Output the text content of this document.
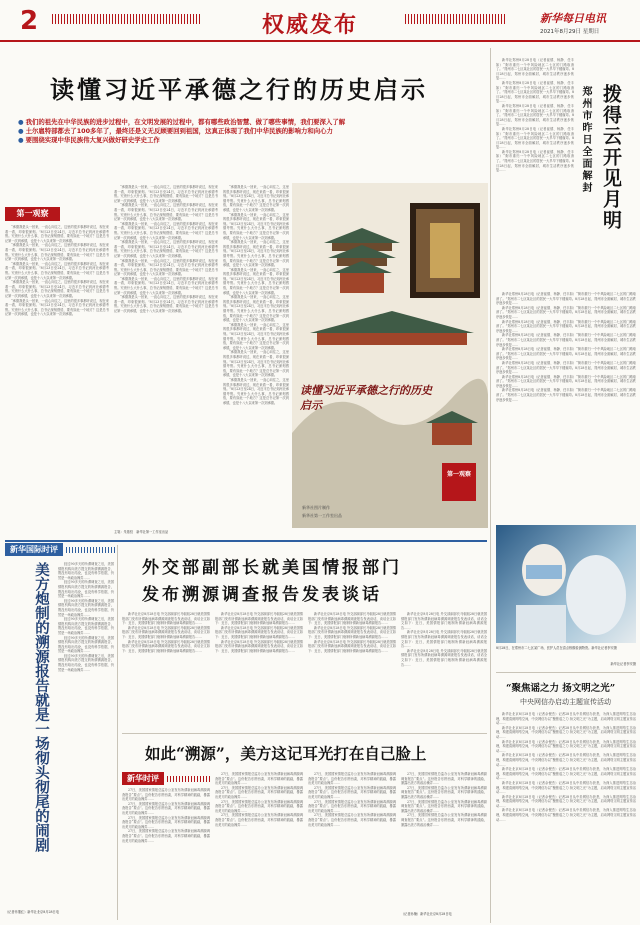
2	权威发布	新华每日电讯
2021年8月29日 星期日
读懂习近平承德之行的历史启示
● 我们的祖先在中华民族的进步过程中，在文明发展的过程中，都有哪些政治智慧、做了哪些事情，我们要深入了解
● 土尔扈特部都去了100多年了，最终还是义无反顾要回到祖国，这真正体现了我们中华民族的影响力和向心力
● 要围绕实现中华民族伟大复兴做好研史学史工作
第一观察

“承德我是头一回来，一直心向往之，这里的很多事都听说过，现在来看一看，印象很深刻。”8月23日至24日，习近平总书记到河北承德考察。究竟什么大什么事，总书记深刻感悟，要有如此一个地方？这是总书记第一次到承德，也是十八大以来第一次到承德。

“承德我是头一回来，一直心向往之，这里的很多事都听说过，现在来看一看，印象很深刻。”8月23日至24日，习近平总书记到河北承德考察。究竟什么大什么事，总书记深刻感悟，要有如此一个地方？这是总书记第一次到承德，也是十八大以来第一次到承德。

“承德我是头一回来，一直心向往之，这里的很多事都听说过，现在来看一看，印象很深刻。”8月23日至24日，习近平总书记到河北承德考察。究竟什么大什么事，总书记深刻感悟，要有如此一个地方？这是总书记第一次到承德，也是十八大以来第一次到承德。

“承德我是头一回来，一直心向往之，这里的很多事都听说过，现在来看一看，印象很深刻。”8月23日至24日，习近平总书记到河北承德考察。究竟什么大什么事，总书记深刻感悟，要有如此一个地方？这是总书记第一次到承德，也是十八大以来第一次到承德。

“承德我是头一回来，一直心向往之，这里的很多事都听说过，现在来看一看，印象很深刻。”8月23日至24日，习近平总书记到河北承德考察。究竟什么大什么事，总书记深刻感悟，要有如此一个地方？这是总书记第一次到承德，也是十八大以来第一次到承德。

“承德我是头一回来，一直心向往之，这里的很多事都听说过，现在来看一看，印象很深刻。”8月23日至24日，习近平总书记到河北承德考察。究竟什么大什么事，总书记深刻感悟，要有如此一个地方？这是总书记第一次到承德，也是十八大以来第一次到承德。

“承德我是头一回来，一直心向往之，这里的很多事都听说过，现在来看一看，印象很深刻。”8月23日至24日，习近平总书记到河北承德考察。究竟什么大什么事，总书记深刻感悟，要有如此一个地方？这是总书记第一次到承德，也是十八大以来第一次到承德。

“承德我是头一回来，一直心向往之，这里的很多事都听说过，现在来看一看，印象很深刻。”8月23日至24日，习近平总书记到河北承德考察。究竟什么大什么事，总书记深刻感悟，要有如此一个地方？这是总书记第一次到承德，也是十八大以来第一次到承德。

“承德我是头一回来，一直心向往之，这里的很多事都听说过，现在来看一看，印象很深刻。”8月23日至24日，习近平总书记到河北承德考察。究竟什么大什么事，总书记深刻感悟，要有如此一个地方？这是总书记第一次到承德，也是十八大以来第一次到承德。

“承德我是头一回来，一直心向往之，这里的很多事都听说过，现在来看一看，印象很深刻。”8月23日至24日，习近平总书记到河北承德考察。究竟什么大什么事，总书记深刻感悟，要有如此一个地方？这是总书记第一次到承德，也是十八大以来第一次到承德。

“承德我是头一回来，一直心向往之，这里的很多事都听说过，现在来看一看，印象很深刻。”8月23日至24日，习近平总书记到河北承德考察。究竟什么大什么事，总书记深刻感悟，要有如此一个地方？这是总书记第一次到承德，也是十八大以来第一次到承德。

“承德我是头一回来，一直心向往之，这里的很多事都听说过，现在来看一看，印象很深刻。”8月23日至24日，习近平总书记到河北承德考察。究竟什么大什么事，总书记深刻感悟，要有如此一个地方？这是总书记第一次到承德，也是十八大以来第一次到承德。

“承德我是头一回来，一直心向往之，这里的很多事都听说过，现在来看一看，印象很深刻。”8月23日至24日，习近平总书记到河北承德考察。究竟什么大什么事，总书记深刻感悟，要有如此一个地方？这是总书记第一次到承德，也是十八大以来第一次到承德。

“承德我是头一回来，一直心向往之，这里的很多事都听说过，现在来看一看，印象很深刻。”8月23日至24日，习近平总书记到河北承德考察。究竟什么大什么事，总书记深刻感悟，要有如此一个地方？这是总书记第一次到承德，也是十八大以来第一次到承德。

“承德我是头一回来，一直心向往之，这里的很多事都听说过，现在来看一看，印象很深刻。”8月23日至24日，习近平总书记到河北承德考察。究竟什么大什么事，总书记深刻感悟，要有如此一个地方？这是总书记第一次到承德，也是十八大以来第一次到承德。

“承德我是头一回来，一直心向往之，这里的很多事都听说过，现在来看一看，印象很深刻。”8月23日至24日，习近平总书记到河北承德考察。究竟什么大什么事，总书记深刻感悟，要有如此一个地方？这是总书记第一次到承德，也是十八大以来第一次到承德。

“承德我是头一回来，一直心向往之，这里的很多事都听说过，现在来看一看，印象很深刻。”8月23日至24日，习近平总书记到河北承德考察。究竟什么大什么事，总书记深刻感悟，要有如此一个地方？这是总书记第一次到承德，也是十八大以来第一次到承德。

“承德我是头一回来，一直心向往之，这里的很多事都听说过，现在来看一看，印象很深刻。”8月23日至24日，习近平总书记到河北承德考察。究竟什么大什么事，总书记深刻感悟，要有如此一个地方？这是总书记第一次到承德，也是十八大以来第一次到承德。

“承德我是头一回来，一直心向往之，这里的很多事都听说过，现在来看一看，印象很深刻。”8月23日至24日，习近平总书记到河北承德考察。究竟什么大什么事，总书记深刻感悟，要有如此一个地方？这是总书记第一次到承德，也是十八大以来第一次到承德。

“承德我是头一回来，一直心向往之，这里的很多事都听说过，现在来看一看，印象很深刻。”8月23日至24日，习近平总书记到河北承德考察。究竟什么大什么事，总书记深刻感悟，要有如此一个地方？这是总书记第一次到承德，也是十八大以来第一次到承德。

主笔：朱基钗　新华社第一工作室出品
读懂习近平承德之行的历史启示
第一观察
新华社图片制作
新华社第一工作室出品
拨得云开见月明
郑州市昨日全面解封

新华社郑州8月28日电（记者崔德、杨静、任丰如）“街市重归一个中风险地区二七区的门路取消了。”郑州市二七区某社区的居民一大早早下楼遛弯。8月28日起，郑州市全面解封，城市生活秩序逐步恢复……

新华社郑州8月28日电（记者崔德、杨静、任丰如）“街市重归一个中风险地区二七区的门路取消了。”郑州市二七区某社区的居民一大早早下楼遛弯。8月28日起，郑州市全面解封，城市生活秩序逐步恢复……

新华社郑州8月28日电（记者崔德、杨静、任丰如）“街市重归一个中风险地区二七区的门路取消了。”郑州市二七区某社区的居民一大早早下楼遛弯。8月28日起，郑州市全面解封，城市生活秩序逐步恢复……

新华社郑州8月28日电（记者崔德、杨静、任丰如）“街市重归一个中风险地区二七区的门路取消了。”郑州市二七区某社区的居民一大早早下楼遛弯。8月28日起，郑州市全面解封，城市生活秩序逐步恢复……

新华社郑州8月28日电（记者崔德、杨静、任丰如）“街市重归一个中风险地区二七区的门路取消了。”郑州市二七区某社区的居民一大早早下楼遛弯。8月28日起，郑州市全面解封，城市生活秩序逐步恢复……

新华社郑州8月28日电（记者崔德、杨静、任丰如）“街市重归一个中风险地区二七区的门路取消了。”郑州市二七区某社区的居民一大早早下楼遛弯。8月28日起，郑州市全面解封，城市生活秩序逐步恢复……

新华社郑州8月28日电（记者崔德、杨静、任丰如）“街市重归一个中风险地区二七区的门路取消了。”郑州市二七区某社区的居民一大早早下楼遛弯。8月28日起，郑州市全面解封，城市生活秩序逐步恢复……

新华社郑州8月28日电（记者崔德、杨静、任丰如）“街市重归一个中风险地区二七区的门路取消了。”郑州市二七区某社区的居民一大早早下楼遛弯。8月28日起，郑州市全面解封，城市生活秩序逐步恢复……

新华社郑州8月28日电（记者崔德、杨静、任丰如）“街市重归一个中风险地区二七区的门路取消了。”郑州市二七区某社区的居民一大早早下楼遛弯。8月28日起，郑州市全面解封，城市生活秩序逐步恢复……

新华社郑州8月28日电（记者崔德、杨静、任丰如）“街市重归一个中风险地区二七区的门路取消了。”郑州市二七区某社区的居民一大早早下楼遛弯。8月28日起，郑州市全面解封，城市生活秩序逐步恢复……

新华社郑州8月28日电（记者崔德、杨静、任丰如）“街市重归一个中风险地区二七区的门路取消了。”郑州市二七区某社区的居民一大早早下楼遛弯。8月28日起，郑州市全面解封，城市生活秩序逐步恢复……

新华社郑州8月28日电（记者崔德、杨静、任丰如）“街市重归一个中风险地区二七区的门路取消了。”郑州市二七区某社区的居民一大早早下楼遛弯。8月28日起，郑州市全面解封，城市生活秩序逐步恢复……

新华社郑州8月28日电（记者崔德、杨静、任丰如）“街市重归一个中风险地区二七区的门路取消了。”郑州市二七区某社区的居民一大早早下楼遛弯。8月28日起，郑州市全面解封，城市生活秩序逐步恢复……

8月28日，在郑州市二七区某广场，医护人员在清点核酸检测物资。新华社记者李安摄
新华社记者李安摄
“聚焦谣之力 扬文明之光”
中央网信办启动主题宣传活动

新华社北京8月28日电（记者余俊杰）记者28日从中央网信办获悉，为深入推进网络生态治理，构建清朗网络空间，中央网信办以“聚焦谣之力 扬文明之光”为主题，启动网络文明主题宣传活动……

新华社北京8月28日电（记者余俊杰）记者28日从中央网信办获悉，为深入推进网络生态治理，构建清朗网络空间，中央网信办以“聚焦谣之力 扬文明之光”为主题，启动网络文明主题宣传活动……

新华社北京8月28日电（记者余俊杰）记者28日从中央网信办获悉，为深入推进网络生态治理，构建清朗网络空间，中央网信办以“聚焦谣之力 扬文明之光”为主题，启动网络文明主题宣传活动……

新华社北京8月28日电（记者余俊杰）记者28日从中央网信办获悉，为深入推进网络生态治理，构建清朗网络空间，中央网信办以“聚焦谣之力 扬文明之光”为主题，启动网络文明主题宣传活动……

新华社北京8月28日电（记者余俊杰）记者28日从中央网信办获悉，为深入推进网络生态治理，构建清朗网络空间，中央网信办以“聚焦谣之力 扬文明之光”为主题，启动网络文明主题宣传活动……

新华社北京8月28日电（记者余俊杰）记者28日从中央网信办获悉，为深入推进网络生态治理，构建清朗网络空间，中央网信办以“聚焦谣之力 扬文明之光”为主题，启动网络文明主题宣传活动……

新华社北京8月28日电（记者余俊杰）记者28日从中央网信办获悉，为深入推进网络生态治理，构建清朗网络空间，中央网信办以“聚焦谣之力 扬文明之光”为主题，启动网络文明主题宣传活动……

新华社北京8月28日电（记者余俊杰）记者28日从中央网信办获悉，为深入推进网络生态治理，构建清朗网络空间，中央网信办以“聚焦谣之力 扬文明之光”为主题，启动网络文明主题宣传活动……

新华国际时评
美方炮制的溯源报告就是一场彻头彻尾的闹剧	经过90多天的所谓调查之后，美国情报机构向美方提交的所谓溯源报告，既没有给出结论，也没有科学依据，仍然是一场政治操弄……

经过90多天的所谓调查之后，美国情报机构向美方提交的所谓溯源报告，既没有给出结论，也没有科学依据，仍然是一场政治操弄……

经过90多天的所谓调查之后，美国情报机构向美方提交的所谓溯源报告，既没有给出结论，也没有科学依据，仍然是一场政治操弄……

经过90多天的所谓调查之后，美国情报机构向美方提交的所谓溯源报告，既没有给出结论，也没有科学依据，仍然是一场政治操弄……

经过90多天的所谓调查之后，美国情报机构向美方提交的所谓溯源报告，既没有给出结论，也没有科学依据，仍然是一场政治操弄……

经过90多天的所谓调查之后，美国情报机构向美方提交的所谓溯源报告，既没有给出结论，也没有科学依据，仍然是一场政治操弄……

（记者乔继红）新华社北京8月28日电
外交部副部长就美国情报部门
发布溯源调查报告发表谈话

新华社北京8月28日电 外交部副部长马朝旭28日就美国情报部门发布所谓新冠病毒溯源调查报告发表谈话，谈话全文如下：近日，美国情报部门炮制所谓新冠病毒溯源报告……

新华社北京8月28日电 外交部副部长马朝旭28日就美国情报部门发布所谓新冠病毒溯源调查报告发表谈话，谈话全文如下：近日，美国情报部门炮制所谓新冠病毒溯源报告……

新华社北京8月28日电 外交部副部长马朝旭28日就美国情报部门发布所谓新冠病毒溯源调查报告发表谈话，谈话全文如下：近日，美国情报部门炮制所谓新冠病毒溯源报告……

新华社北京8月28日电 外交部副部长马朝旭28日就美国情报部门发布所谓新冠病毒溯源调查报告发表谈话，谈话全文如下：近日，美国情报部门炮制所谓新冠病毒溯源报告……

新华社北京8月28日电 外交部副部长马朝旭28日就美国情报部门发布所谓新冠病毒溯源调查报告发表谈话，谈话全文如下：近日，美国情报部门炮制所谓新冠病毒溯源报告……

新华社北京8月28日电 外交部副部长马朝旭28日就美国情报部门发布所谓新冠病毒溯源调查报告发表谈话，谈话全文如下：近日，美国情报部门炮制所谓新冠病毒溯源报告……

新华社北京8月28日电 外交部副部长马朝旭28日就美国情报部门发布所谓新冠病毒溯源调查报告发表谈话，谈话全文如下：近日，美国情报部门炮制所谓新冠病毒溯源报告……

新华社北京8月28日电 外交部副部长马朝旭28日就美国情报部门发布所谓新冠病毒溯源调查报告发表谈话，谈话全文如下：近日，美国情报部门炮制所谓新冠病毒溯源报告……

新华社北京8月28日电 外交部副部长马朝旭28日就美国情报部门发布所谓新冠病毒溯源调查报告发表谈话，谈话全文如下：近日，美国情报部门炮制所谓新冠病毒溯源报告……

新华社北京8月28日电 外交部副部长马朝旭28日就美国情报部门发布所谓新冠病毒溯源调查报告发表谈话，谈话全文如下：近日，美国情报部门炮制所谓新冠病毒溯源报告……

新华社北京8月28日电 外交部副部长马朝旭28日就美国情报部门发布所谓新冠病毒溯源调查报告发表谈话，谈话全文如下：近日，美国情报部门炮制所谓新冠病毒溯源报告……

新华社北京8月28日电 外交部副部长马朝旭28日就美国情报部门发布所谓新冠病毒溯源调查报告发表谈话，谈话全文如下：近日，美国情报部门炮制所谓新冠病毒溯源报告……

如此“溯源”，美方这记耳光打在自己脸上
新华时评

27日，美国国家情报总监办公室发布所谓新冠病毒溯源调查报告“要点”。这份报告东拼西凑，对科学精神的践踏，暴露出美方的政治操弄……

27日，美国国家情报总监办公室发布所谓新冠病毒溯源调查报告“要点”。这份报告东拼西凑，对科学精神的践踏，暴露出美方的政治操弄……

27日，美国国家情报总监办公室发布所谓新冠病毒溯源调查报告“要点”。这份报告东拼西凑，对科学精神的践踏，暴露出美方的政治操弄……

27日，美国国家情报总监办公室发布所谓新冠病毒溯源调查报告“要点”。这份报告东拼西凑，对科学精神的践踏，暴露出美方的政治操弄……

27日，美国国家情报总监办公室发布所谓新冠病毒溯源调查报告“要点”。这份报告东拼西凑，对科学精神的践踏，暴露出美方的政治操弄……

27日，美国国家情报总监办公室发布所谓新冠病毒溯源调查报告“要点”。这份报告东拼西凑，对科学精神的践踏，暴露出美方的政治操弄……

27日，美国国家情报总监办公室发布所谓新冠病毒溯源调查报告“要点”。这份报告东拼西凑，对科学精神的践踏，暴露出美方的政治操弄……

27日，美国国家情报总监办公室发布所谓新冠病毒溯源调查报告“要点”。这份报告东拼西凑，对科学精神的践踏，暴露出美方的政治操弄……

27日，美国国家情报总监办公室发布所谓新冠病毒溯源调查报告“要点”。这份报告东拼西凑，对科学精神的践踏，暴露出美方的政治操弄……

27日，美国国家情报总监办公室发布所谓新冠病毒溯源调查报告“要点”。这份报告东拼西凑，对科学精神的践踏，暴露出美方的政治操弄……

27日，美国国家情报总监办公室发布所谓新冠病毒溯源调查报告“要点”。这份报告东拼西凑，对科学精神的践踏，暴露出美方的政治操弄……

27日，美国国家情报总监办公室发布所谓新冠病毒溯源调查报告“要点”。这份报告东拼西凑，对科学精神的践踏，暴露出美方的政治操弄……

27日，美国国家情报总监办公室发布所谓新冠病毒溯源调查报告“要点”。这份报告东拼西凑，对科学精神的践踏，暴露出美方的政治操弄……

27日，美国国家情报总监办公室发布所谓新冠病毒溯源调查报告“要点”。这份报告东拼西凑，对科学精神的践踏，暴露出美方的政治操弄……

27日，美国国家情报总监办公室发布所谓新冠病毒溯源调查报告“要点”。这份报告东拼西凑，对科学精神的践踏，暴露出美方的政治操弄……

27日，美国国家情报总监办公室发布所谓新冠病毒溯源调查报告“要点”。这份报告东拼西凑，对科学精神的践踏，暴露出美方的政治操弄……

（记者孙楠）新华社北京8月28日电
